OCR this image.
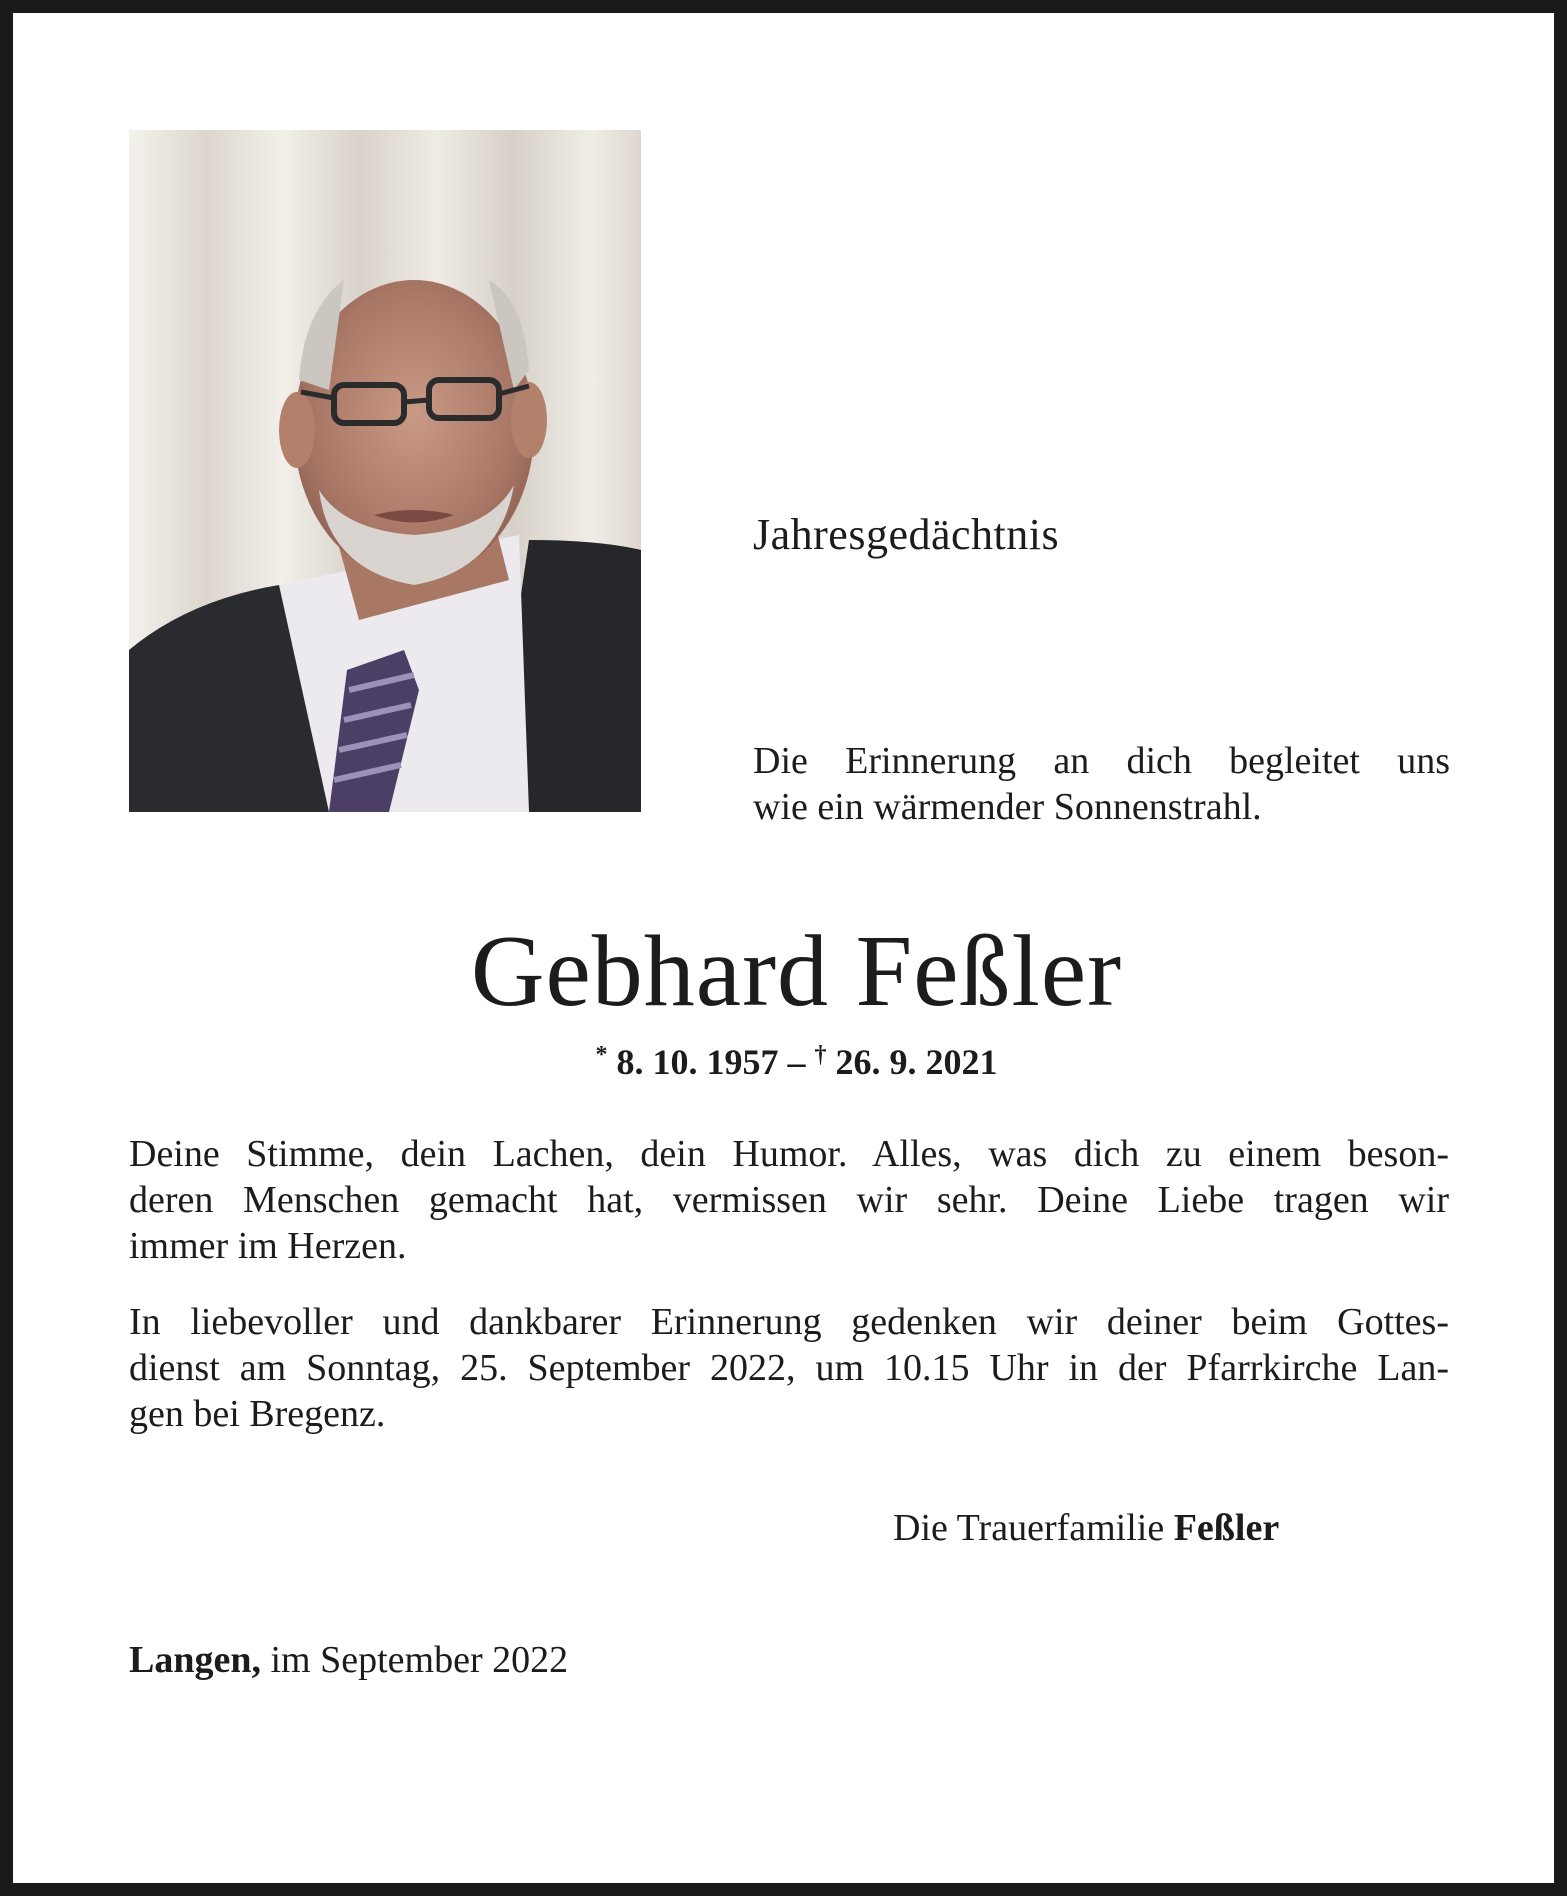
Jahresgedächtnis
Die Erinnerung an dich begleitet uns
wie ein wärmender Sonnenstrahl.
Gebhard Feßler
* 8. 10. 1957 – † 26. 9. 2021
Deine Stimme, dein Lachen, dein Humor. Alles, was dich zu einem beson-
deren Menschen gemacht hat, vermissen wir sehr. Deine Liebe tragen wir
immer im Herzen.
In liebevoller und dankbarer Erinnerung gedenken wir deiner beim Gottes-
dienst am Sonntag, 25. September 2022, um 10.15 Uhr in der Pfarrkirche Lan-
gen bei Bregenz.
Die Trauerfamilie Feßler
Langen, im September 2022
